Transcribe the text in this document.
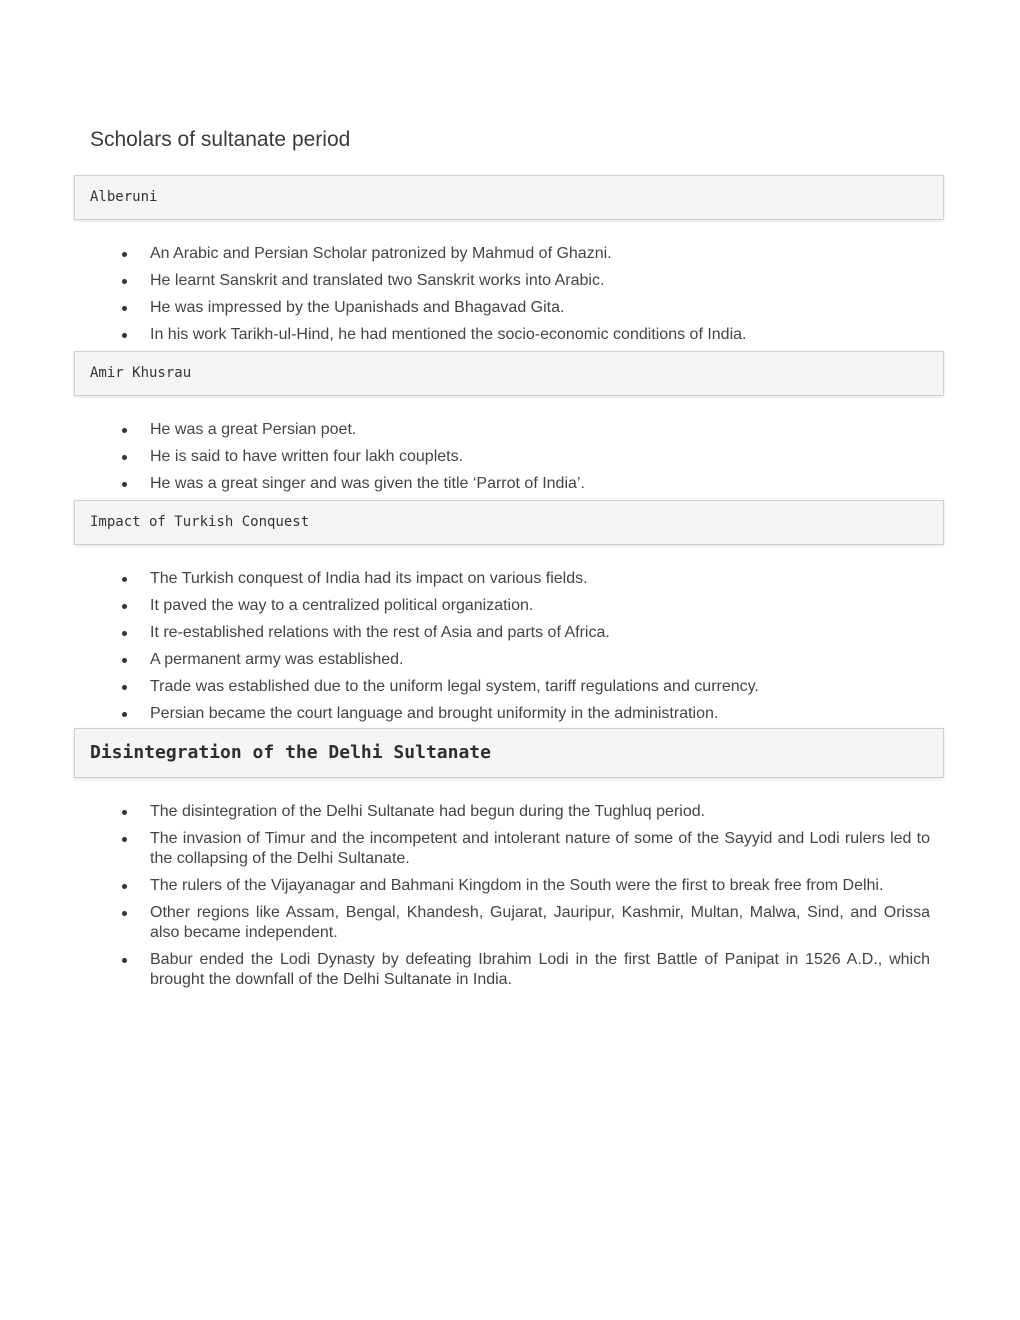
Scholars of sultanate period
Alberuni
An Arabic and Persian Scholar patronized by Mahmud of Ghazni.
He learnt Sanskrit and translated two Sanskrit works into Arabic.
He was impressed by the Upanishads and Bhagavad Gita.
In his work Tarikh-ul-Hind, he had mentioned the socio-economic conditions of India.
Amir Khusrau
He was a great Persian poet.
He is said to have written four lakh couplets.
He was a great singer and was given the title ‘Parrot of India’.
Impact of Turkish Conquest
The Turkish conquest of India had its impact on various fields.
It paved the way to a centralized political organization.
It re-established relations with the rest of Asia and parts of Africa.
A permanent army was established.
Trade was established due to the uniform legal system, tariff regulations and currency.
Persian became the court language and brought uniformity in the administration.
Disintegration of the Delhi Sultanate
The disintegration of the Delhi Sultanate had begun during the Tughluq period.
The invasion of Timur and the incompetent and intolerant nature of some of the Sayyid and Lodi rulers led to the collapsing of the Delhi Sultanate.
The rulers of the Vijayanagar and Bahmani Kingdom in the South were the first to break free from Delhi.
Other regions like Assam, Bengal, Khandesh, Gujarat, Jauripur, Kashmir, Multan, Malwa, Sind, and Orissa also became independent.
Babur ended the Lodi Dynasty by defeating Ibrahim Lodi in the first Battle of Panipat in 1526 A.D., which brought the downfall of the Delhi Sultanate in India.
